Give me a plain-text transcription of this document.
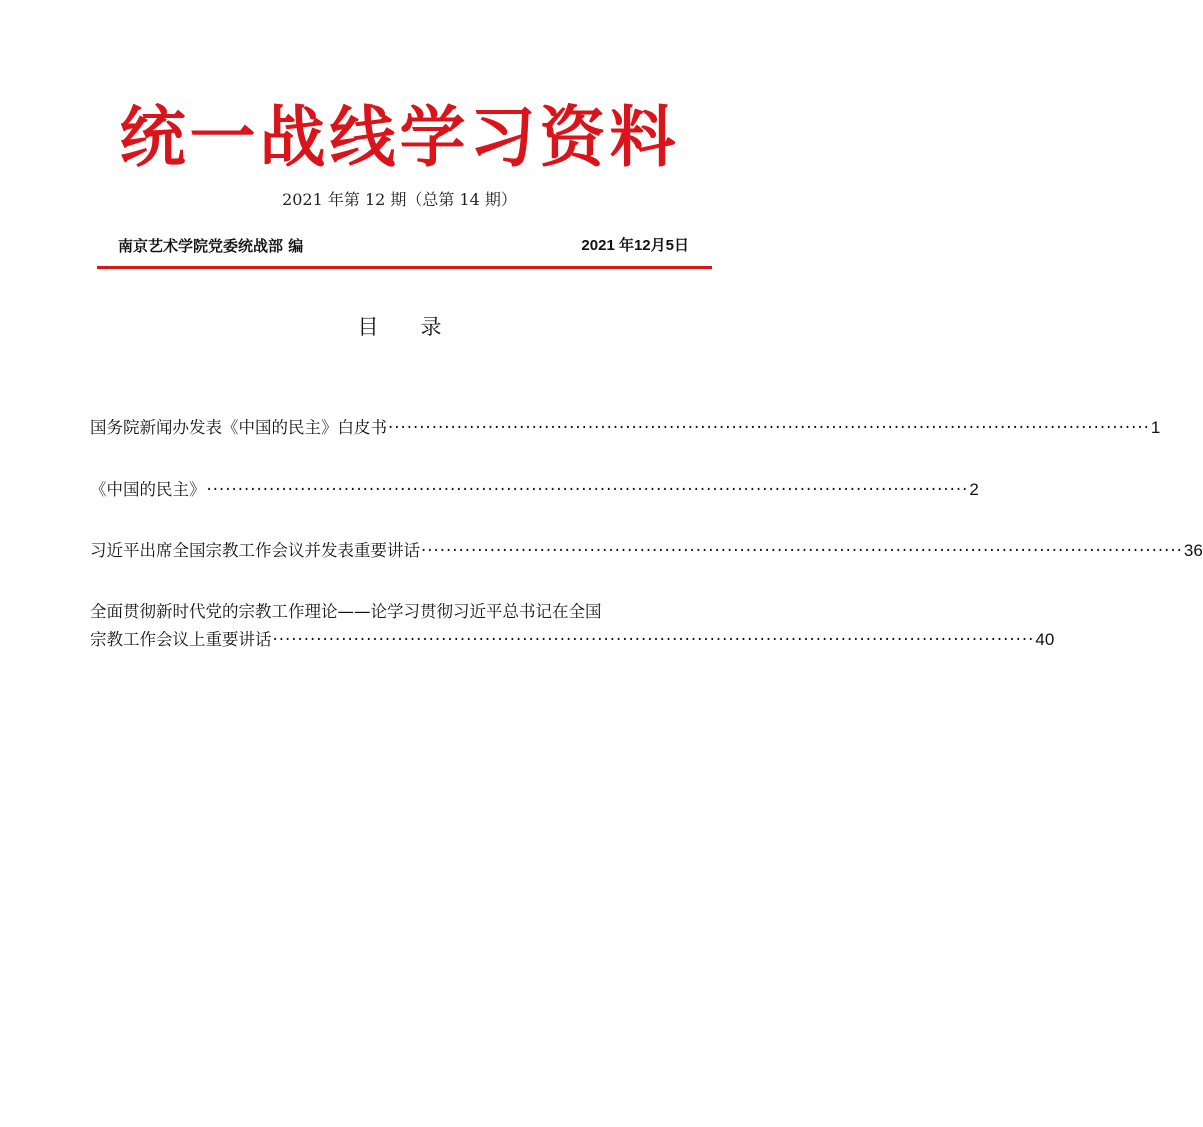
统一战线学习资料
2021 年第 12 期（总第 14 期）
南京艺术学院党委统战部 编	2021 年12月5日
目　　录
国务院新闻办发表《中国的民主》白皮书 ·························································································································· 1
《中国的民主》 ·························································································································· 2
习近平出席全国宗教工作会议并发表重要讲话 ·························································································································· 36
全面贯彻新时代党的宗教工作理论——论学习贯彻习近平总书记在全国
宗教工作会议上重要讲话 ·························································································································· 40
